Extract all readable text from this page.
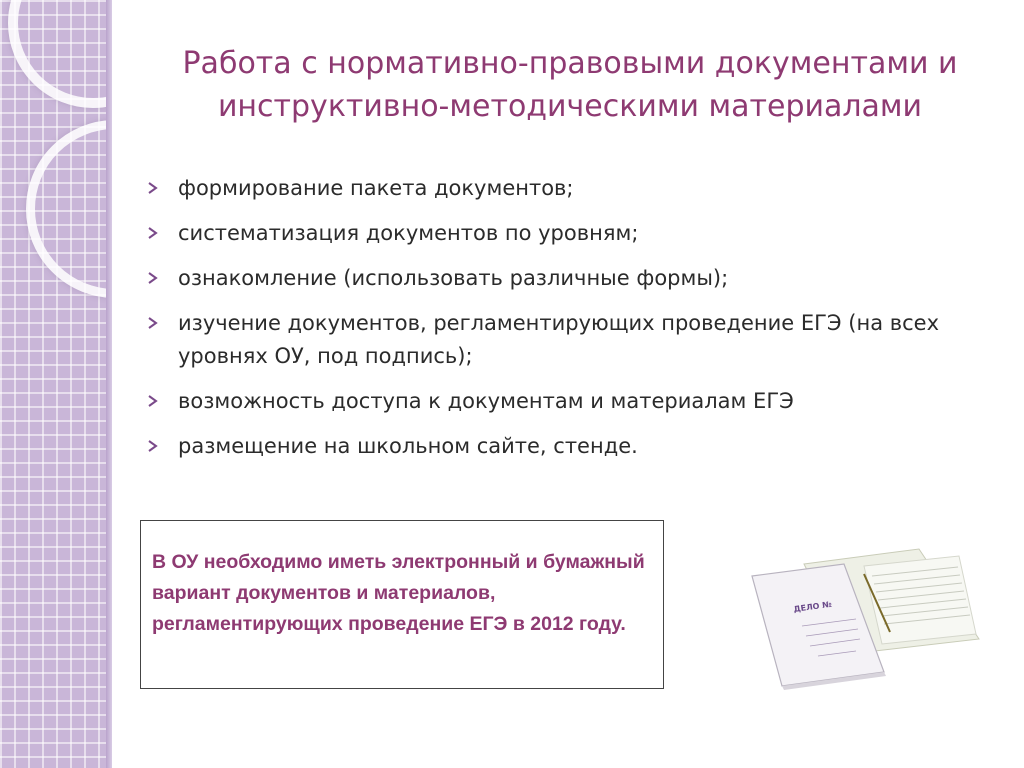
Работа с нормативно-правовыми документами и инструктивно-методическими материалами
формирование пакета документов;
систематизация документов по уровням;
ознакомление (использовать различные формы);
изучение документов, регламентирующих проведение ЕГЭ (на всех уровнях ОУ, под подпись);
возможность доступа к документам и материалам ЕГЭ
размещение на школьном сайте, стенде.
В ОУ необходимо иметь электронный и бумажный вариант документов и материалов, регламентирующих проведение ЕГЭ в 2012 году.
ДЕЛО №
